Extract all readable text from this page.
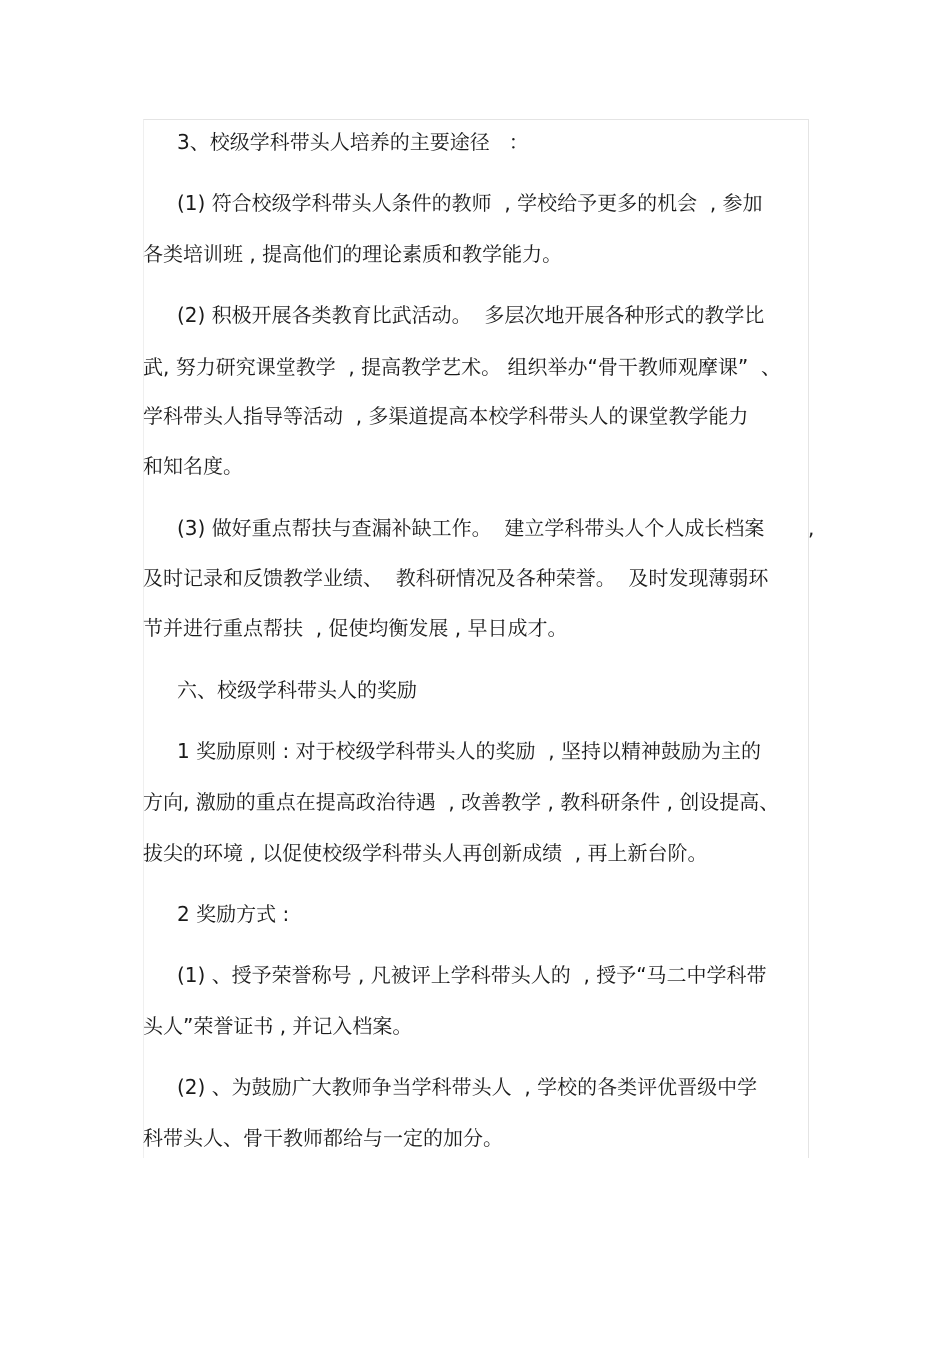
3、校级学科带头人培养的主要途径   ：
(1) 符合校级学科带头人条件的教师  , 学校给予更多的机会  , 参加
各类培训班 , 提高他们的理论素质和教学能力。
(2) 积极开展各类教育比武活动。  多层次地开展各种形式的教学比
武, 努力研究课堂教学  , 提高教学艺术。 组织举办“骨干教师观摩课”  、
学科带头人指导等活动  , 多渠道提高本校学科带头人的课堂教学能力
和知名度。
(3) 做好重点帮扶与查漏补缺工作。  建立学科带头人个人成长档案 ,
及时记录和反馈教学业绩、  教科研情况及各种荣誉。  及时发现薄弱环
节并进行重点帮扶  , 促使均衡发展 , 早日成才。
六、校级学科带头人的奖励
1 奖励原则 : 对于校级学科带头人的奖励  , 坚持以精神鼓励为主的
方向, 激励的重点在提高政治待遇  , 改善教学 , 教科研条件 , 创设提高、
拔尖的环境 , 以促使校级学科带头人再创新成绩  , 再上新台阶。
2 奖励方式 :
(1) 、授予荣誉称号 , 凡被评上学科带头人的  , 授予“马二中学科带
头人”荣誉证书 , 并记入档案。
(2) 、为鼓励广大教师争当学科带头人  , 学校的各类评优晋级中学
科带头人、骨干教师都给与一定的加分。
